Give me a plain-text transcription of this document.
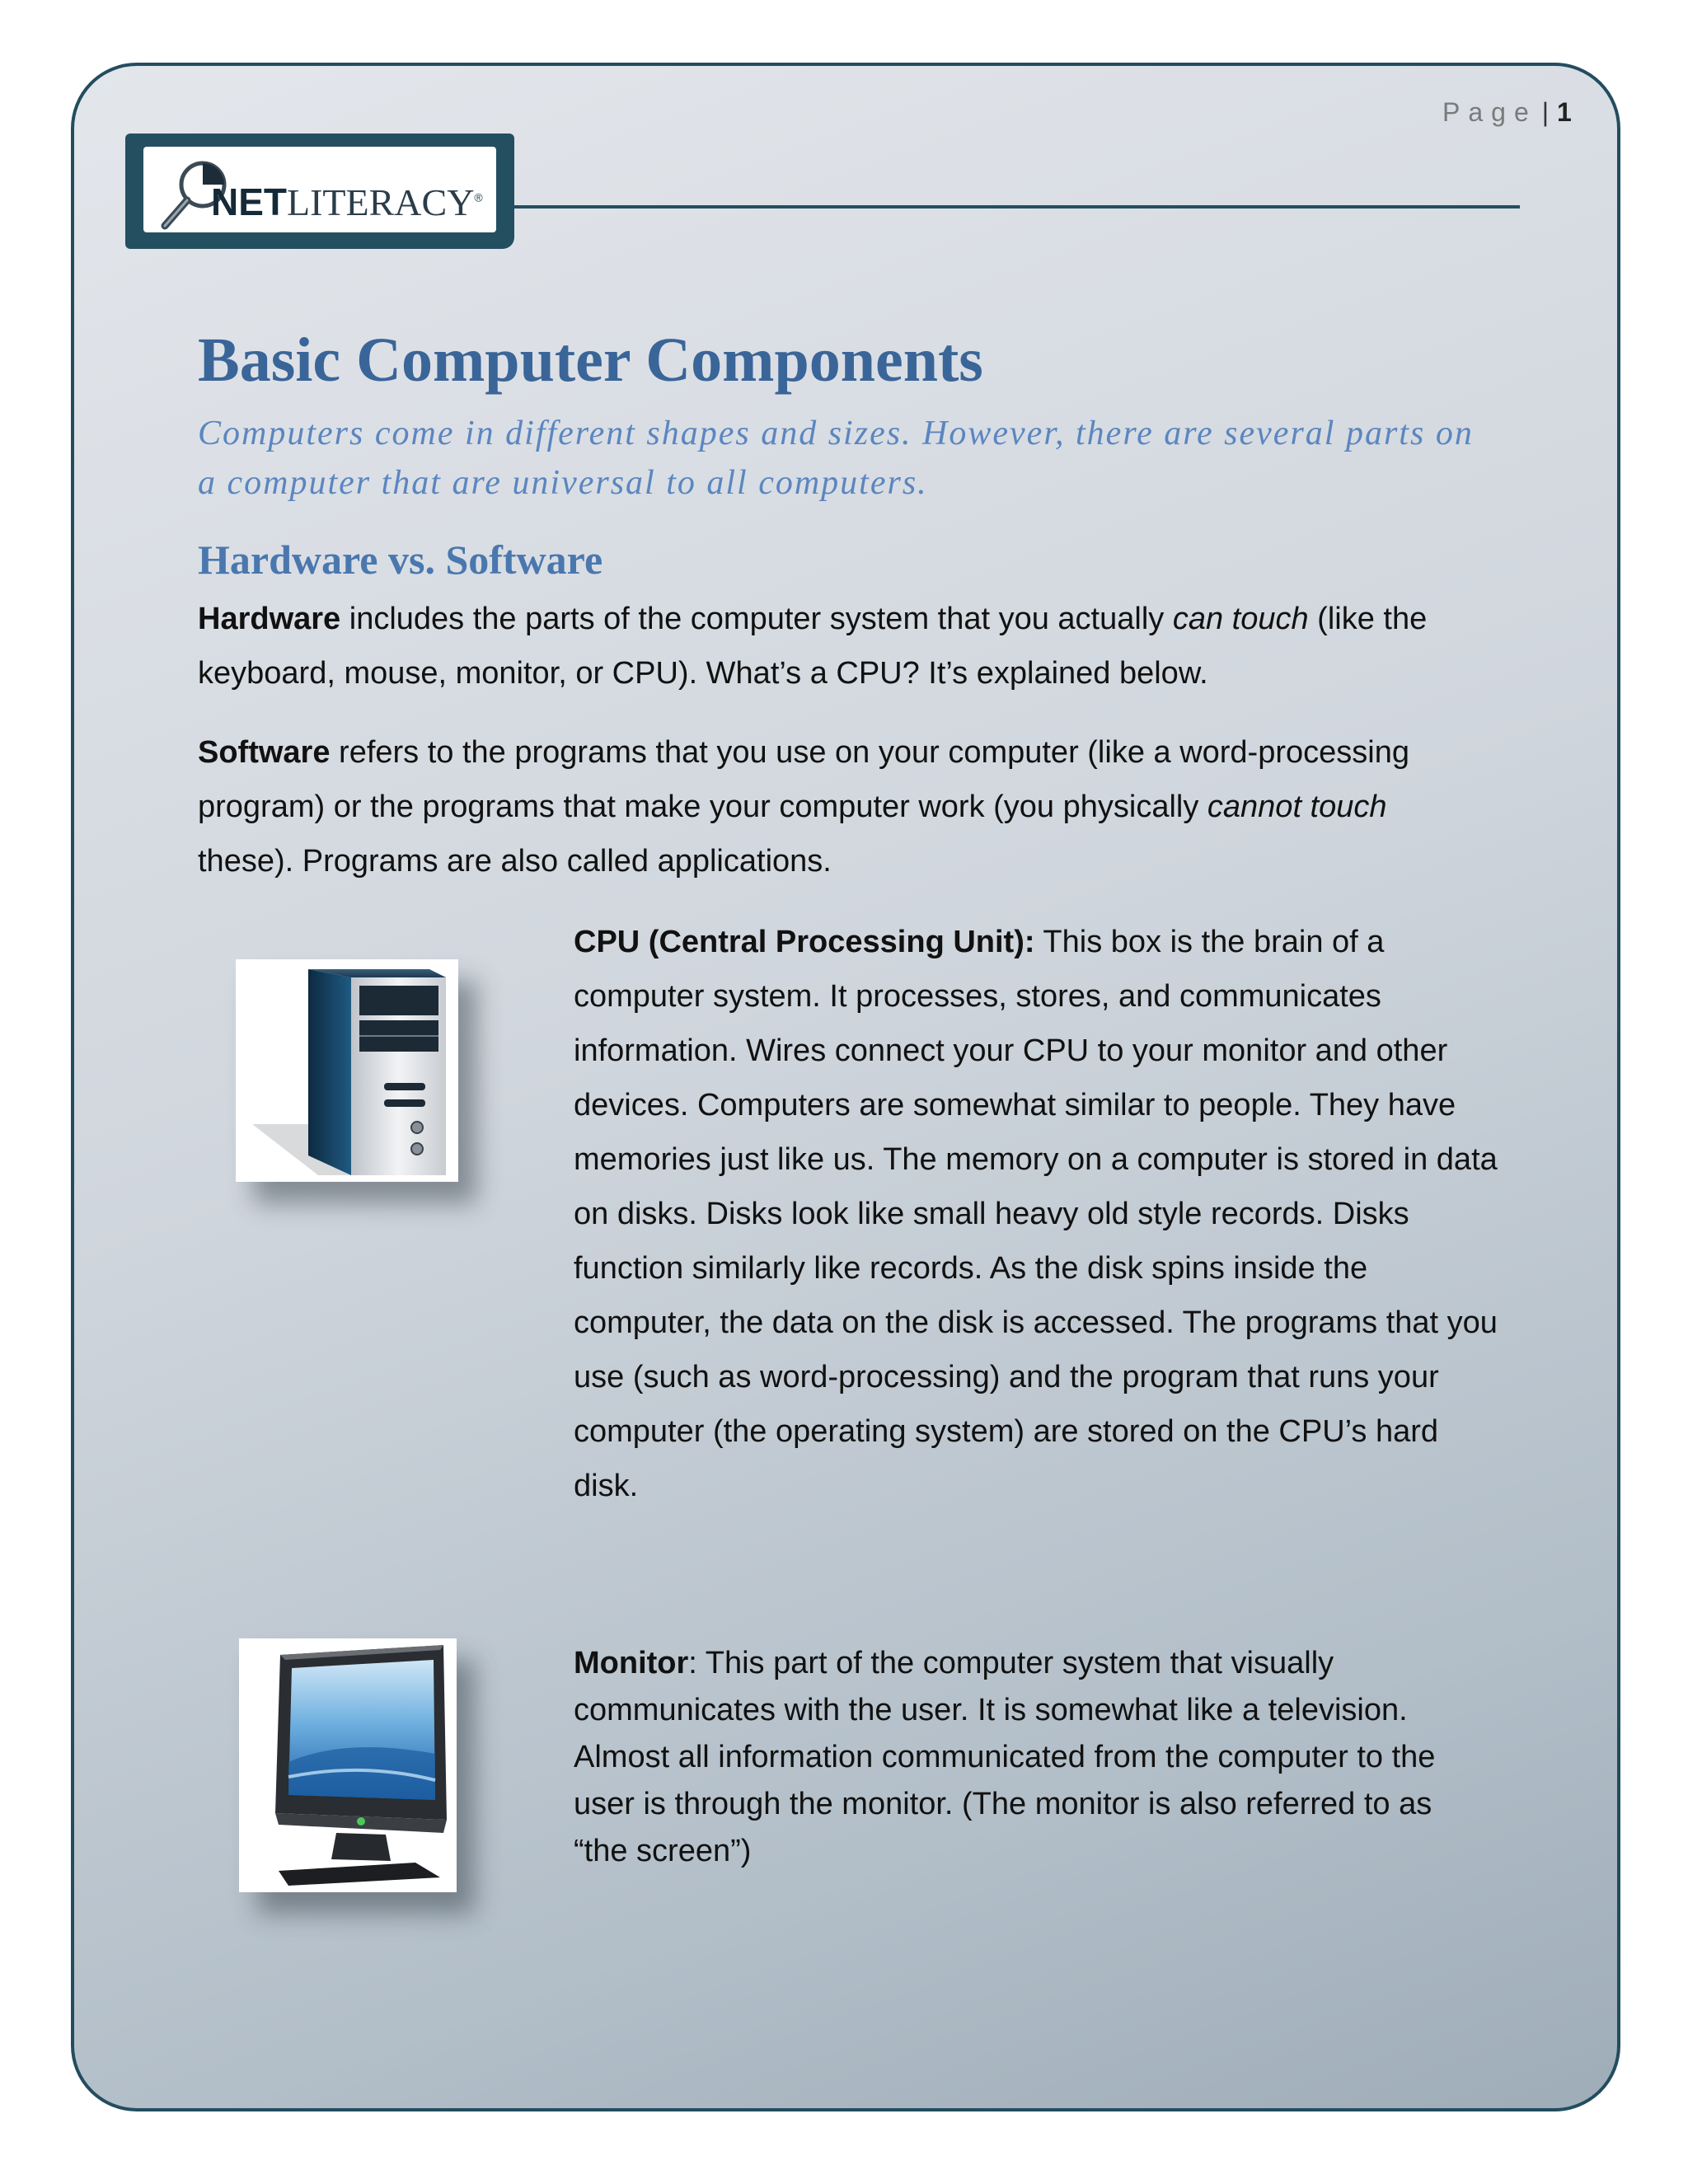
Page | 1
NETLITERACY®
Basic Computer Components
Computers come in different shapes and sizes. However, there are several parts on a computer that are universal to all computers.
Hardware vs. Software

Hardware includes the parts of the computer system that you actually can touch (like the keyboard, mouse, monitor, or CPU). What’s a CPU? It’s explained below.

Software refers to the programs that you use on your computer (like a word-processing program) or the programs that make your computer work (you physically cannot touch these). Programs are also called applications.

CPU (Central Processing Unit): This box is the brain of a computer system. It processes, stores, and communicates information. Wires connect your CPU to your monitor and other devices. Computers are somewhat similar to people. They have memories just like us. The memory on a computer is stored in data on disks. Disks look like small heavy old style records. Disks function similarly like records. As the disk spins inside the computer, the data on the disk is accessed. The programs that you use (such as word-processing) and the program that runs your computer (the operating system) are stored on the CPU’s hard disk.

Monitor: This part of the computer system that visually communicates with the user. It is somewhat like a television. Almost all information communicated from the computer to the user is through the monitor. (The monitor is also referred to as “the screen”)
